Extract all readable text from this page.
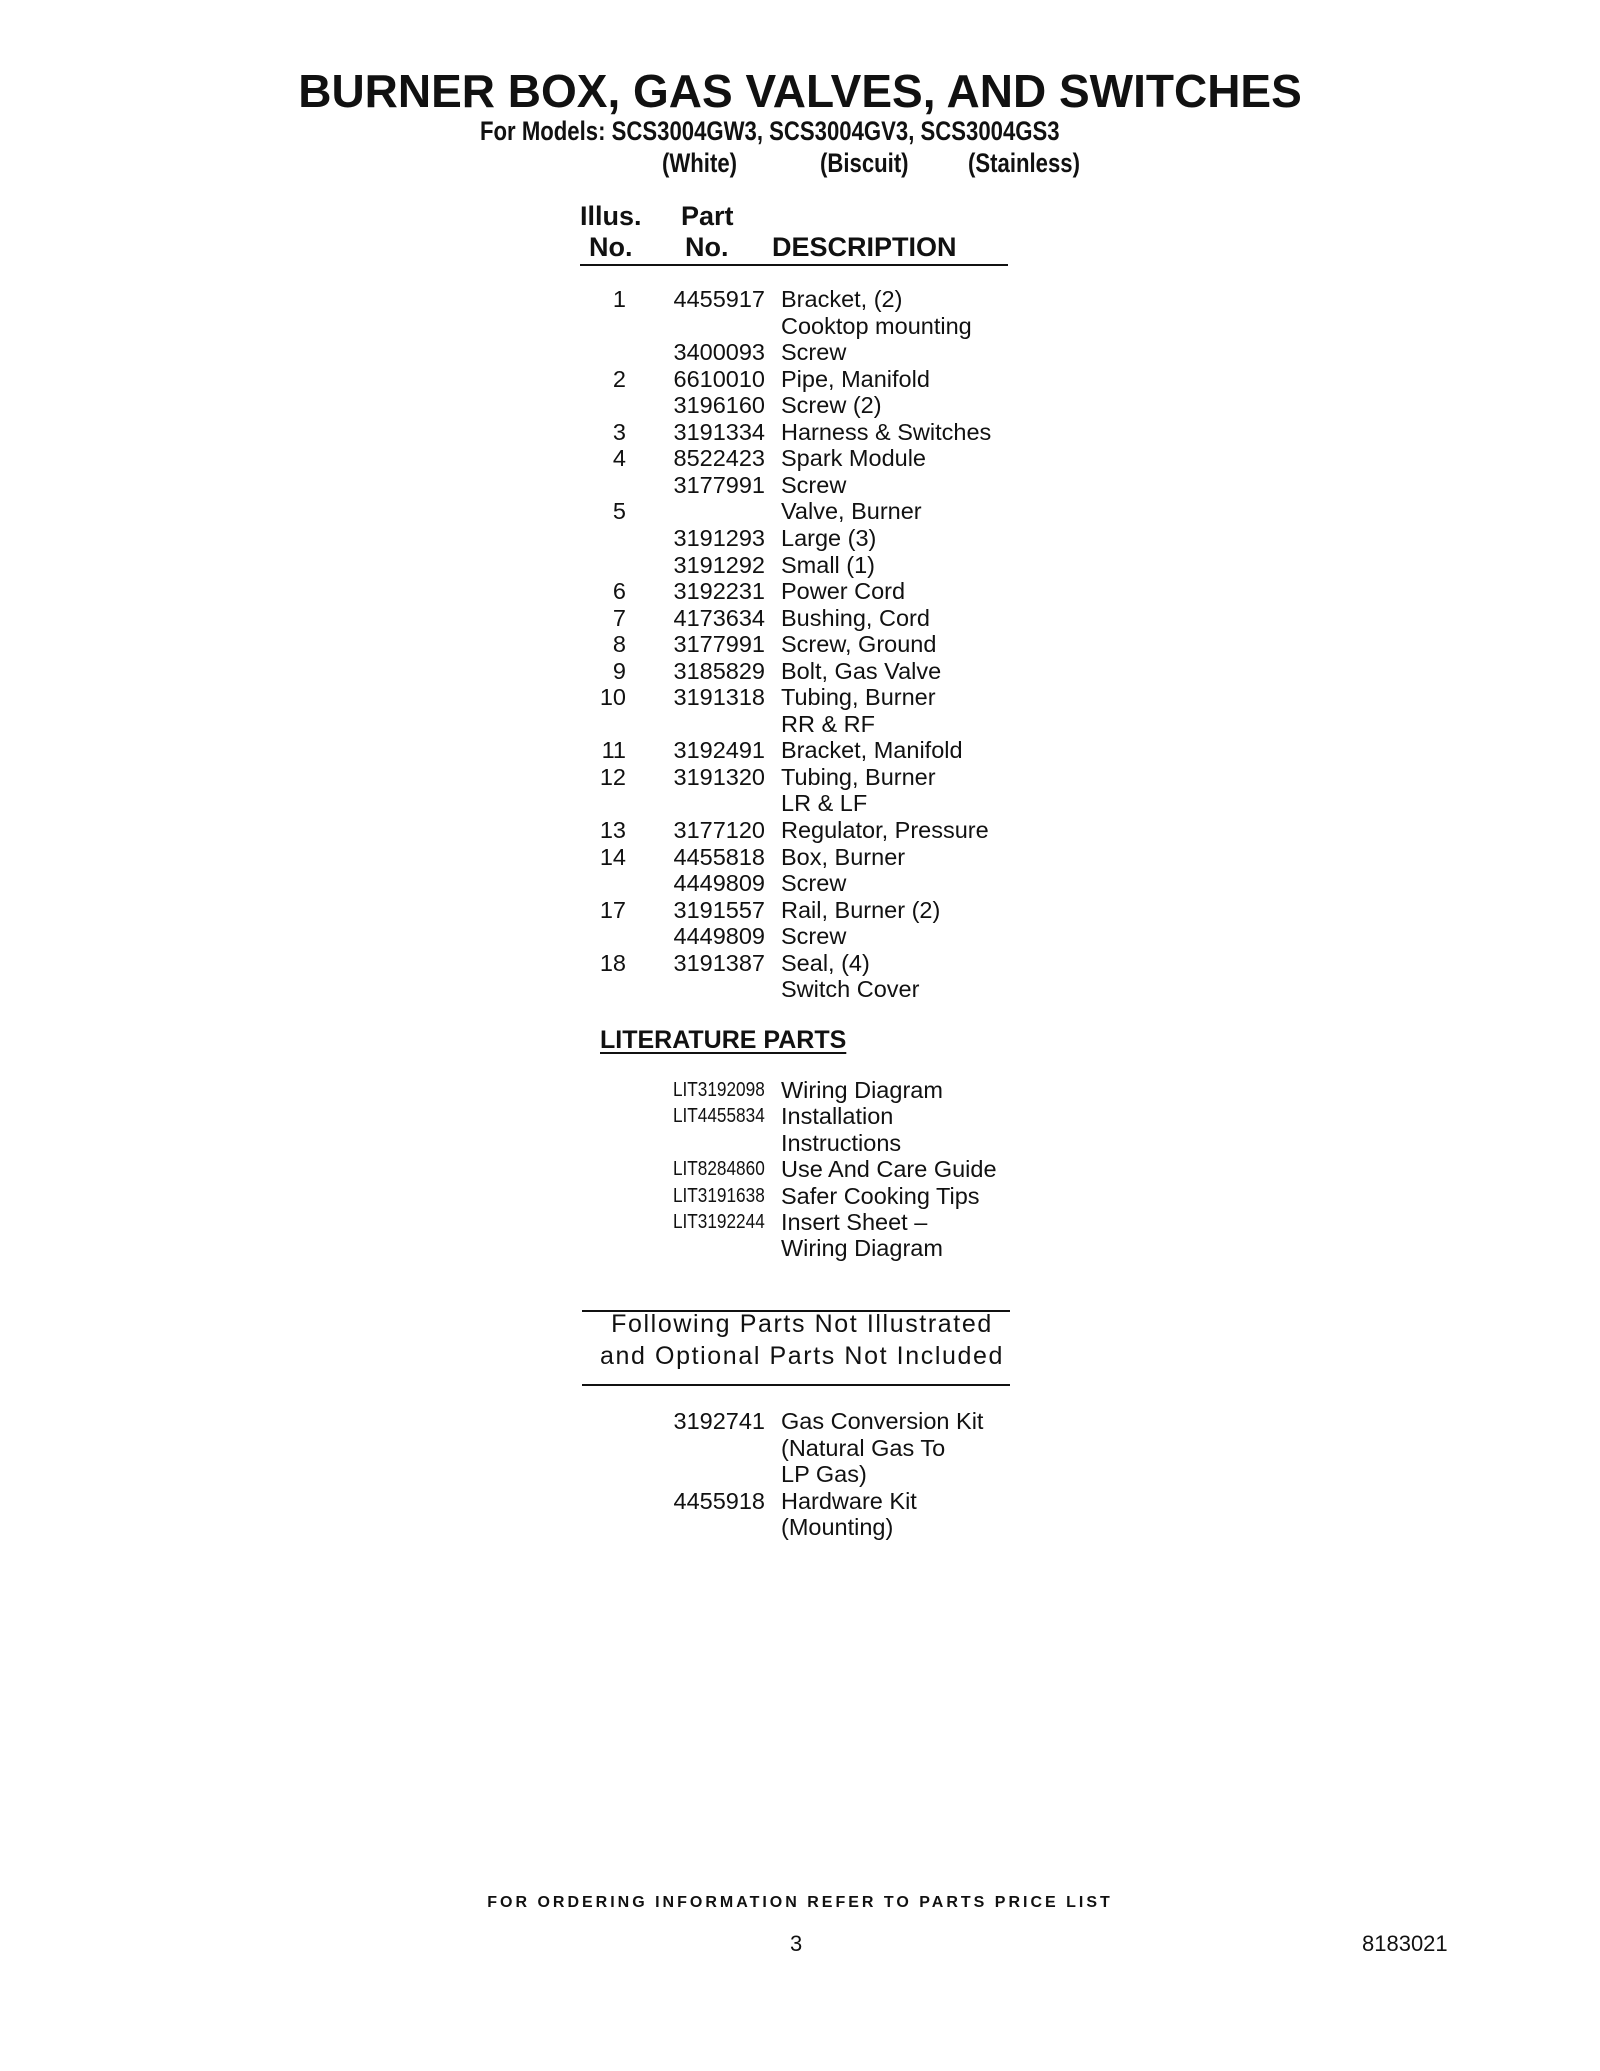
BURNER BOX, GAS VALVES, AND SWITCHES
For Models: SCS3004GW3, SCS3004GV3, SCS3004GS3
(White)	(Biscuit) (Stainless)
Illus.
No.
Part
No. DESCRIPTION
1 4455917 Bracket, (2)
Cooktop mounting
3400093 Screw
2 6610010 Pipe, Manifold
3196160 Screw (2)
3 3191334 Harness & Switches
4 8522423 Spark Module
3177991 Screw
5	Valve, Burner
3191293 Large (3)
3191292 Small (1)
6 3192231 Power Cord
7 4173634 Bushing, Cord
8 3177991 Screw, Ground
9 3185829 Bolt, Gas Valve
10 3191318 Tubing, Burner
RR & RF
11 3192491 Bracket, Manifold
12 3191320 Tubing, Burner
LR & LF
13 3177120 Regulator, Pressure
14 4455818 Box, Burner
4449809 Screw
17 3191557 Rail, Burner (2)
4449809 Screw
18 3191387 Seal, (4)
Switch Cover
LITERATURE PARTS
LIT3192098 Wiring Diagram
LIT4455834 Installation
Instructions
LIT8284860 Use And Care Guide
LIT3191638 Safer Cooking Tips
LIT3192244 Insert Sheet –
Wiring Diagram
Following Parts Not Illustrated
and Optional Parts Not Included
3192741 Gas Conversion Kit
(Natural Gas To
LP Gas)
4455918 Hardware Kit
(Mounting)
FOR ORDERING INFORMATION REFER TO PARTS PRICE LIST
3	8183021
